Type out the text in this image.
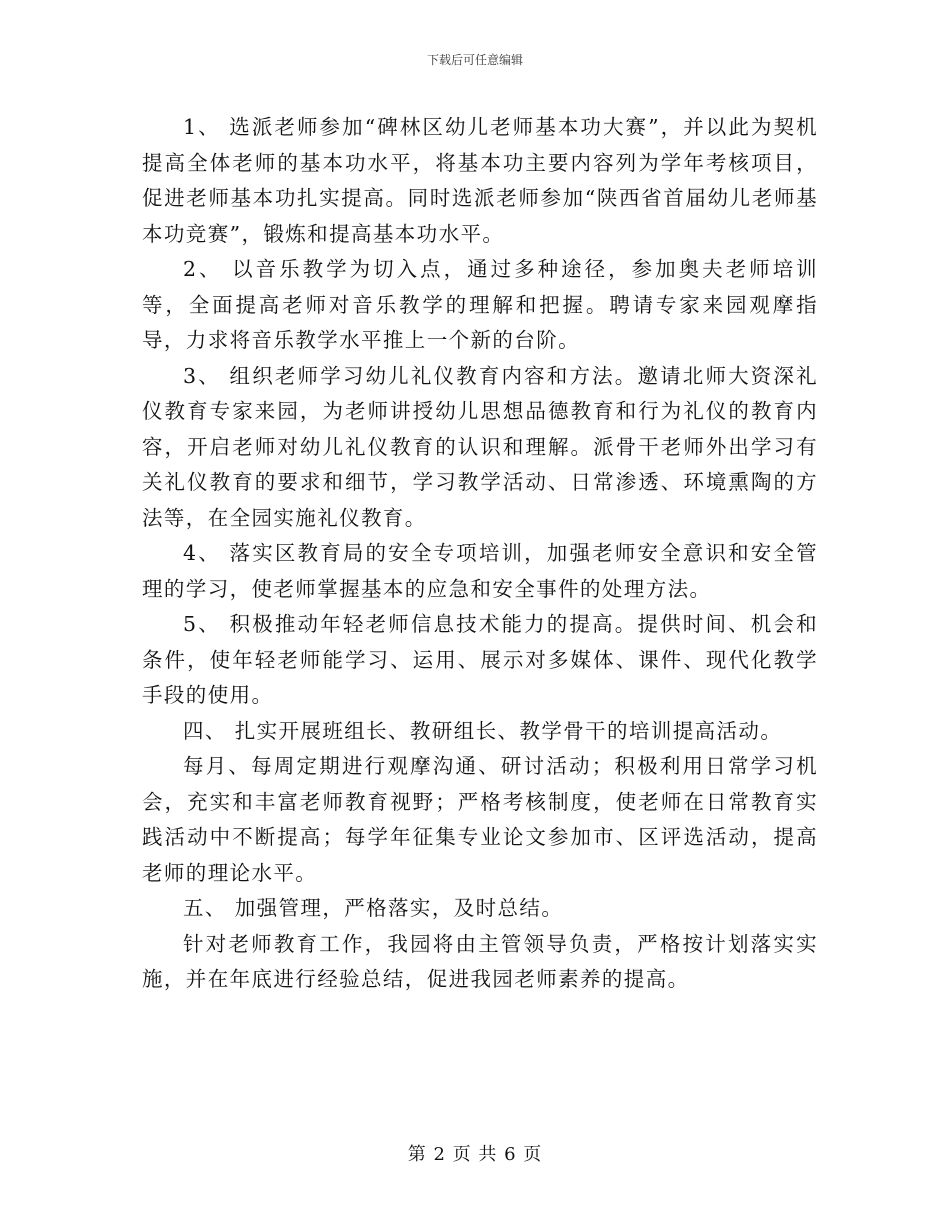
下载后可任意编辑

1、 选派老师参加“碑林区幼儿老师基本功大赛”，并以此为契机提高全体老师的基本功水平，将基本功主要内容列为学年考核项目，促进老师基本功扎实提高。同时选派老师参加“陕西省首届幼儿老师基本功竞赛”，锻炼和提高基本功水平。

2、 以音乐教学为切入点，通过多种途径，参加奥夫老师培训等，全面提高老师对音乐教学的理解和把握。聘请专家来园观摩指导，力求将音乐教学水平推上一个新的台阶。

3、 组织老师学习幼儿礼仪教育内容和方法。邀请北师大资深礼仪教育专家来园，为老师讲授幼儿思想品德教育和行为礼仪的教育内容，开启老师对幼儿礼仪教育的认识和理解。派骨干老师外出学习有关礼仪教育的要求和细节，学习教学活动、日常渗透、环境熏陶的方法等，在全园实施礼仪教育。

4、 落实区教育局的安全专项培训，加强老师安全意识和安全管理的学习，使老师掌握基本的应急和安全事件的处理方法。

5、 积极推动年轻老师信息技术能力的提高。提供时间、机会和条件，使年轻老师能学习、运用、展示对多媒体、课件、现代化教学手段的使用。

四、 扎实开展班组长、教研组长、教学骨干的培训提高活动。

每月、每周定期进行观摩沟通、研讨活动；积极利用日常学习机会，充实和丰富老师教育视野；严格考核制度，使老师在日常教育实践活动中不断提高；每学年征集专业论文参加市、区评选活动，提高老师的理论水平。

五、 加强管理，严格落实，及时总结。

针对老师教育工作，我园将由主管领导负责，严格按计划落实实施，并在年底进行经验总结，促进我园老师素养的提高。

第 2 页 共 6 页
